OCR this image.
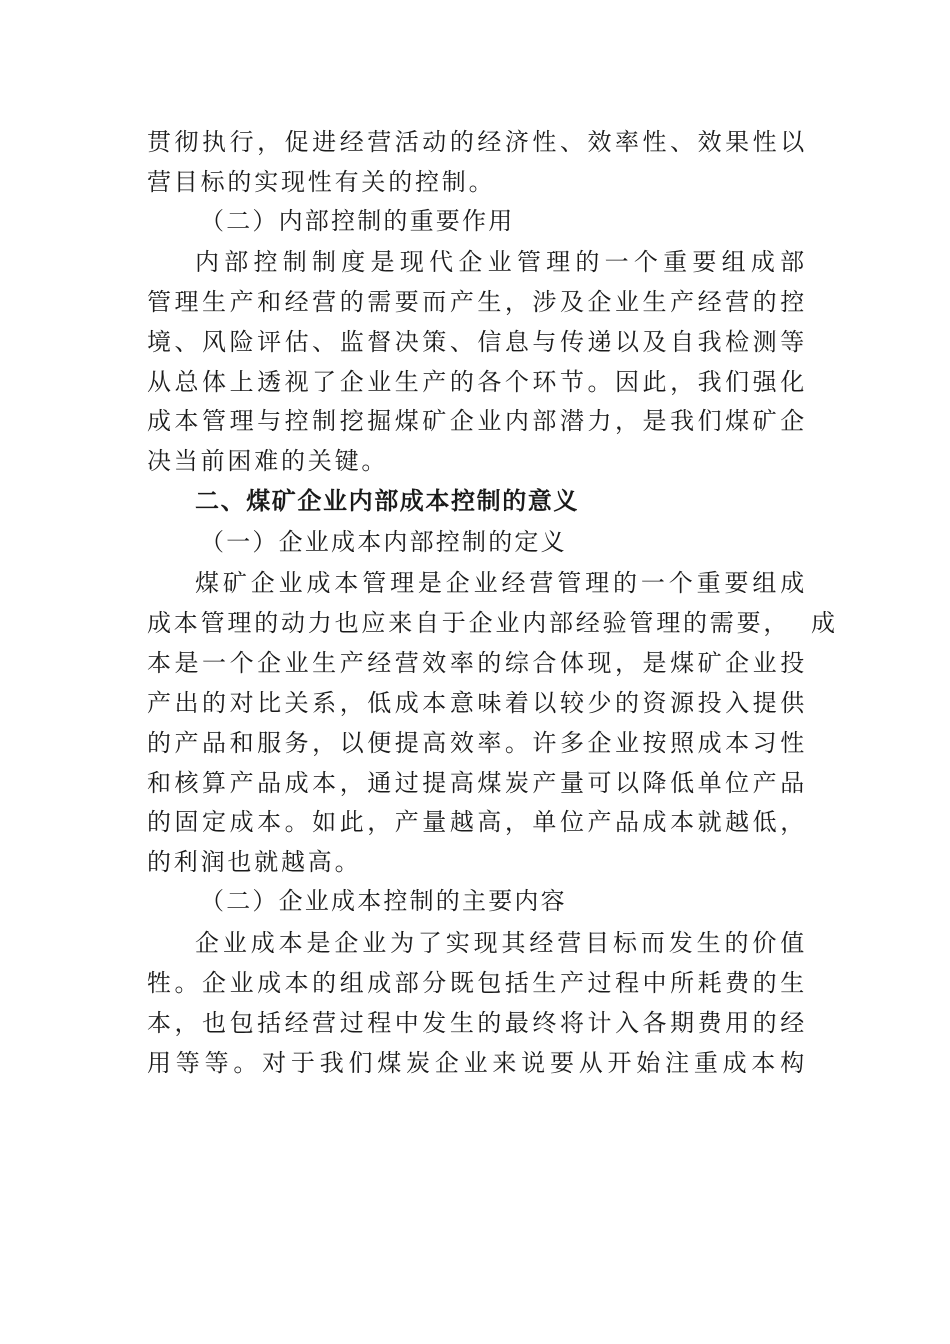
贯彻执行，促进经营活动的经济性、效率性、效果性以
营目标的实现性有关的控制。
（二）内部控制的重要作用
内部控制制度是现代企业管理的一个重要组成部
管理生产和经营的需要而产生，涉及企业生产经营的控
境、风险评估、监督决策、信息与传递以及自我检测等
从总体上透视了企业生产的各个环节。因此，我们强化
成本管理与控制挖掘煤矿企业内部潜力，是我们煤矿企
决当前困难的关键。
二、煤矿企业内部成本控制的意义
（一）企业成本内部控制的定义
煤矿企业成本管理是企业经营管理的一个重要组成
成本管理的动力也应来自于企业内部经验管理的需要，  成
本是一个企业生产经营效率的综合体现，是煤矿企业投
产出的对比关系，低成本意味着以较少的资源投入提供
的产品和服务，以便提高效率。许多企业按照成本习性
和核算产品成本，通过提高煤炭产量可以降低单位产品
的固定成本。如此，产量越高，单位产品成本就越低，
的利润也就越高。
（二）企业成本控制的主要内容
企业成本是企业为了实现其经营目标而发生的价值
牲。企业成本的组成部分既包括生产过程中所耗费的生
本，也包括经营过程中发生的最终将计入各期费用的经
用等等。对于我们煤炭企业来说要从开始注重成本构
